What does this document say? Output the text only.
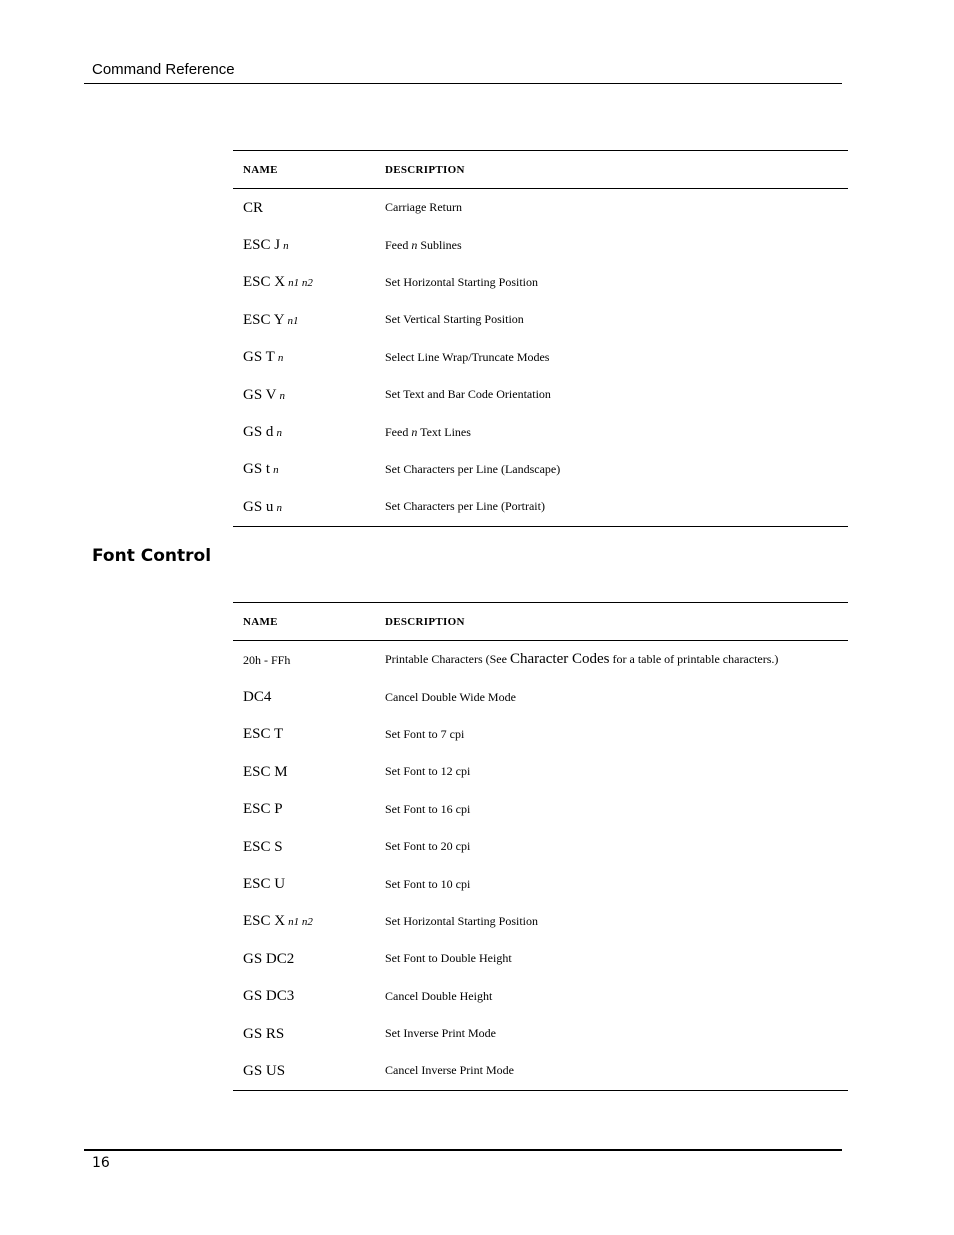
Command Reference
NAME	DESCRIPTION
CR	Carriage Return
ESC J n	Feed n Sublines
ESC X n1 n2	Set Horizontal Starting Position
ESC Y n1	Set Vertical Starting Position
GS T n	Select Line Wrap/Truncate Modes
GS V n	Set Text and Bar Code Orientation
GS d n	Feed n Text Lines
GS t n	Set Characters per Line (Landscape)
GS u n	Set Characters per Line (Portrait)
Font Control
NAME	DESCRIPTION
20h - FFh	Printable Characters (See Character Codes for a table of printable characters.)
DC4	Cancel Double Wide Mode
ESC T	Set Font to 7 cpi
ESC M	Set Font to 12 cpi
ESC P	Set Font to 16 cpi
ESC S	Set Font to 20 cpi
ESC U	Set Font to 10 cpi
ESC X n1 n2	Set Horizontal Starting Position
GS DC2	Set Font to Double Height
GS DC3	Cancel Double Height
GS RS	Set Inverse Print Mode
GS US	Cancel Inverse Print Mode
16
